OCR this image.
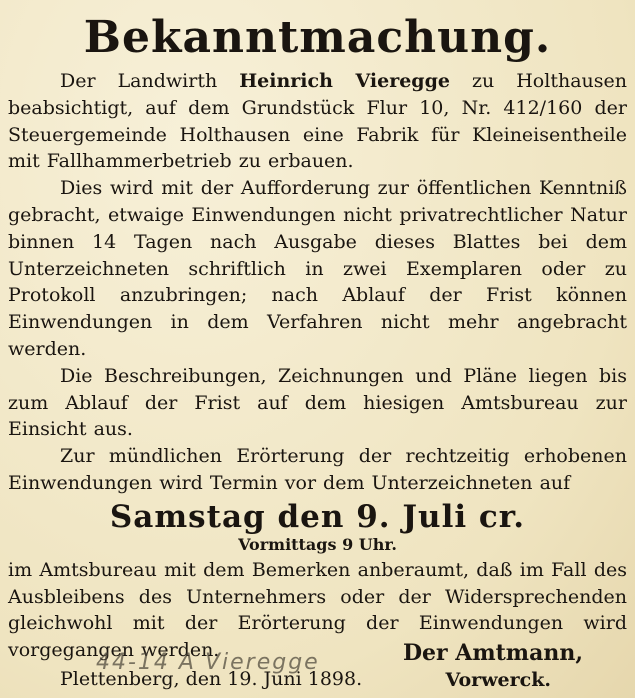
Bekanntmachung.

Der Landwirth Heinrich Vieregge zu Holthausen beabsichtigt, auf dem Grundstück Flur 10, Nr. 412/160 der Steuergemeinde Holthausen eine Fabrik für Kleineisentheile mit Fallhammerbetrieb zu erbauen.

Dies wird mit der Aufforderung zur öffentlichen Kenntniß gebracht, etwaige Einwendungen nicht privatrechtlicher Natur binnen 14 Tagen nach Ausgabe dieses Blattes bei dem Unterzeichneten schriftlich in zwei Exemplaren oder zu Protokoll anzubringen; nach Ablauf der Frist können Einwendungen in dem Verfahren nicht mehr angebracht werden.

Die Beschreibungen, Zeichnungen und Pläne liegen bis zum Ablauf der Frist auf dem hiesigen Amtsbureau zur Einsicht aus.

Zur mündlichen Erörterung der rechtzeitig erhobenen Einwendungen wird Termin vor dem Unterzeichneten auf

Samstag den 9. Juli cr.
Vormittags 9 Uhr.

im Amtsbureau mit dem Bemerken anberaumt, daß im Fall des Ausbleibens des Unternehmers oder der Widersprechenden gleichwohl mit der Erörterung der Einwendungen wird vorgegangen werden.

Plettenberg, den 19. Juni 1898.
44-14 A Vieregge	Der Amtmann,
Vorwerck.
